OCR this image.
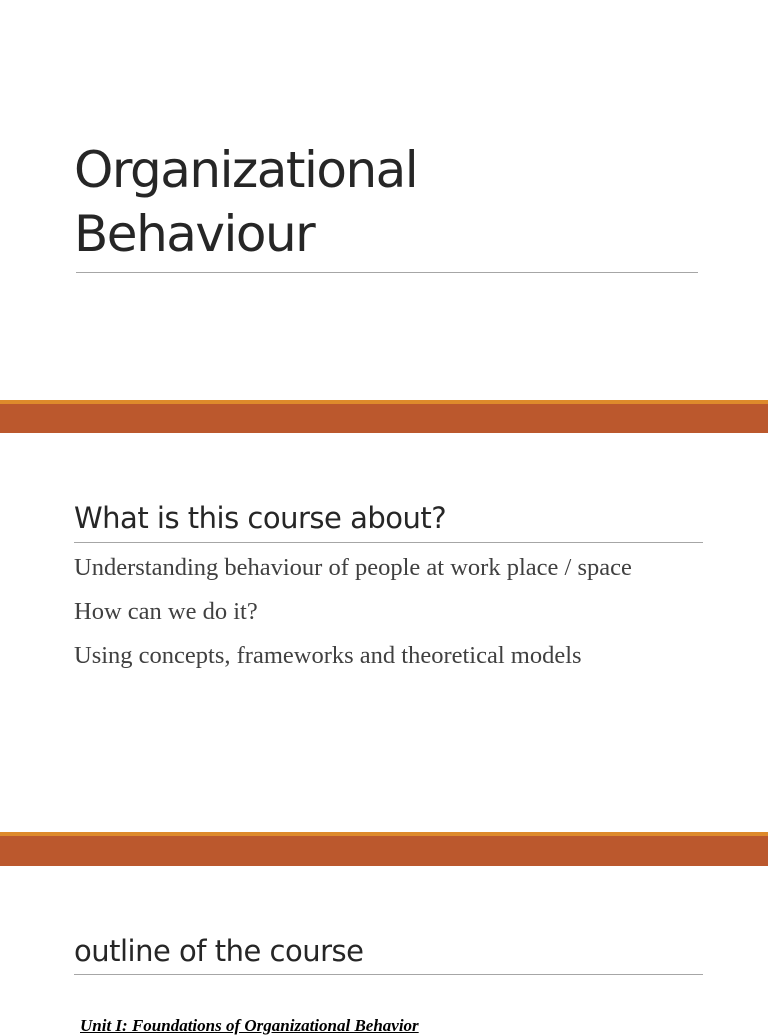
Organizational
Behaviour
What is this course about?
Understanding behaviour of people at work place / space
How can we do it?
Using concepts, frameworks and theoretical models
outline of the course

Unit I: Foundations of Organizational Behavior
